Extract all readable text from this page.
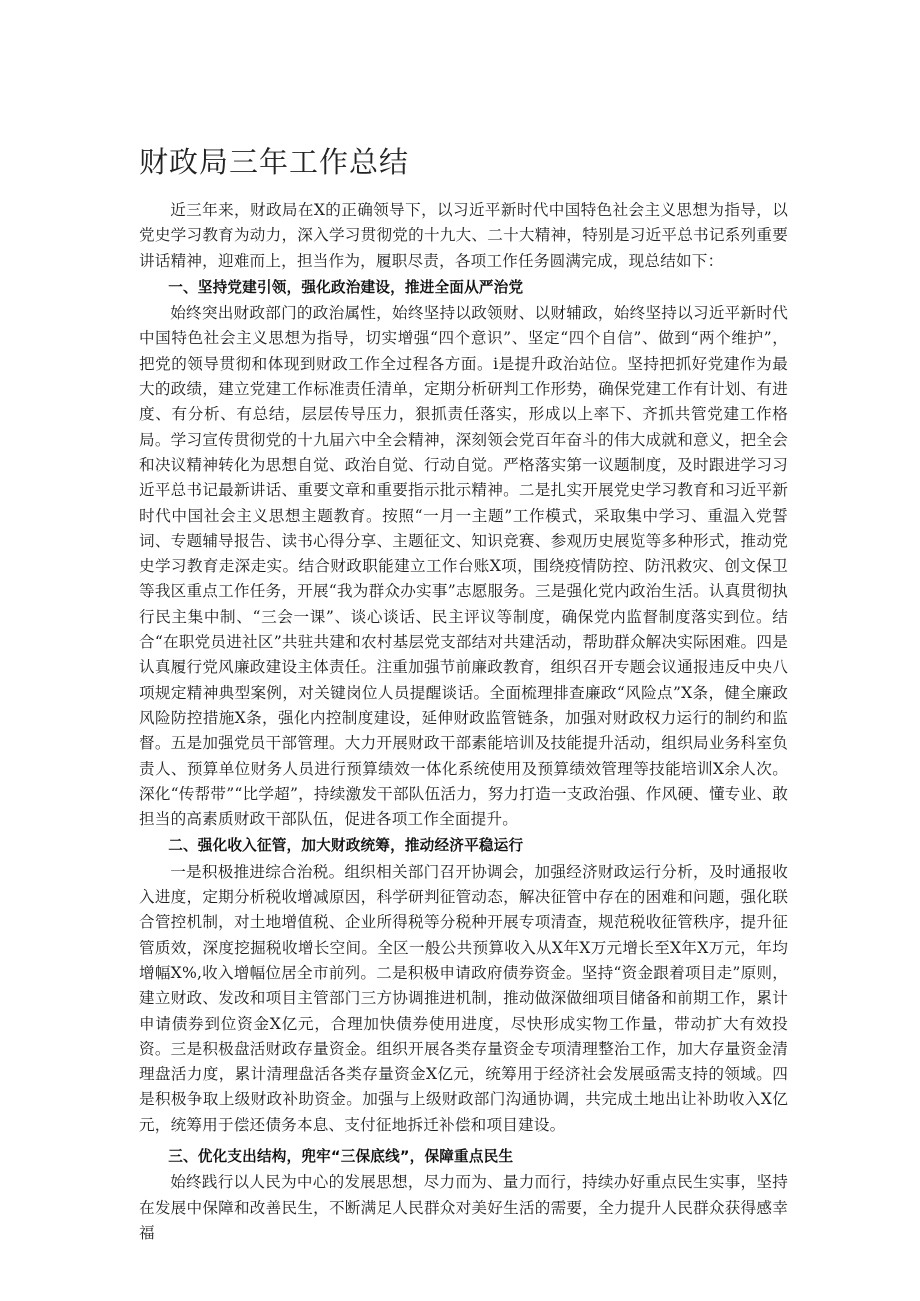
财政局三年工作总结

近三年来，财政局在X的正确领导下，以习近平新时代中国特色社会主义思想为指导，以党史学习教育为动力，深入学习贯彻党的十九大、二十大精神，特别是习近平总书记系列重要讲话精神，迎难而上，担当作为，履职尽责，各项工作任务圆满完成，现总结如下：

一、坚持党建引领，强化政治建设，推进全面从严治党

始终突出财政部门的政治属性，始终坚持以政领财、以财辅政，始终坚持以习近平新时代中国特色社会主义思想为指导，切实增强“四个意识”、坚定“四个自信”、做到“两个维护”，把党的领导贯彻和体现到财政工作全过程各方面。i是提升政治站位。坚持把抓好党建作为最大的政绩，建立党建工作标准责任清单，定期分析研判工作形势，确保党建工作有计划、有进度、有分析、有总结，层层传导压力，狠抓责任落实，形成以上率下、齐抓共管党建工作格局。学习宣传贯彻党的十九届六中全会精神，深刻领会党百年奋斗的伟大成就和意义，把全会和决议精神转化为思想自觉、政治自觉、行动自觉。严格落实第一议题制度，及时跟进学习习近平总书记最新讲话、重要文章和重要指示批示精神。二是扎实开展党史学习教育和习近平新时代中国社会主义思想主题教育。按照“一月一主题”工作模式，采取集中学习、重温入党誓词、专题辅导报告、读书心得分享、主题征文、知识竞赛、参观历史展览等多种形式，推动党史学习教育走深走实。结合财政职能建立工作台账X项，围绕疫情防控、防汛救灾、创文保卫等我区重点工作任务，开展“我为群众办实事”志愿服务。三是强化党内政治生活。认真贯彻执行民主集中制、“三会一课”、谈心谈话、民主评议等制度，确保党内监督制度落实到位。结合“在职党员进社区”共驻共建和农村基层党支部结对共建活动，帮助群众解决实际困难。四是认真履行党风廉政建设主体责任。注重加强节前廉政教育，组织召开专题会议通报违反中央八项规定精神典型案例，对关键岗位人员提醒谈话。全面梳理排查廉政“风险点”X条，健全廉政风险防控措施X条，强化内控制度建设，延伸财政监管链条，加强对财政权力运行的制约和监督。五是加强党员干部管理。大力开展财政干部素能培训及技能提升活动，组织局业务科室负责人、预算单位财务人员进行预算绩效一体化系统使用及预算绩效管理等技能培训X余人次。深化“传帮带”“比学超”，持续激发干部队伍活力，努力打造一支政治强、作风硬、懂专业、敢担当的高素质财政干部队伍，促进各项工作全面提升。

二、强化收入征管，加大财政统筹，推动经济平稳运行

一是积极推进综合治税。组织相关部门召开协调会，加强经济财政运行分析，及时通报收入进度，定期分析税收增减原因，科学研判征管动态，解决征管中存在的困难和问题，强化联合管控机制，对土地增值税、企业所得税等分税种开展专项清查，规范税收征管秩序，提升征管质效，深度挖掘税收增长空间。全区一般公共预算收入从X年X万元增长至X年X万元，年均增幅X%,收入增幅位居全市前列。二是积极申请政府债券资金。坚持“资金跟着项目走”原则，建立财政、发改和项目主管部门三方协调推进机制，推动做深做细项目储备和前期工作，累计申请债券到位资金X亿元，合理加快债券使用进度，尽快形成实物工作量，带动扩大有效投资。三是积极盘活财政存量资金。组织开展各类存量资金专项清理整治工作，加大存量资金清理盘活力度，累计清理盘活各类存量资金X亿元，统筹用于经济社会发展亟需支持的领域。四是积极争取上级财政补助资金。加强与上级财政部门沟通协调，共完成土地出让补助收入X亿元，统筹用于偿还债务本息、支付征地拆迁补偿和项目建设。

三、优化支出结构，兜牢“三保底线”，保障重点民生

始终践行以人民为中心的发展思想，尽力而为、量力而行，持续办好重点民生实事，坚持在发展中保障和改善民生，不断满足人民群众对美好生活的需要，全力提升人民群众获得感幸福
